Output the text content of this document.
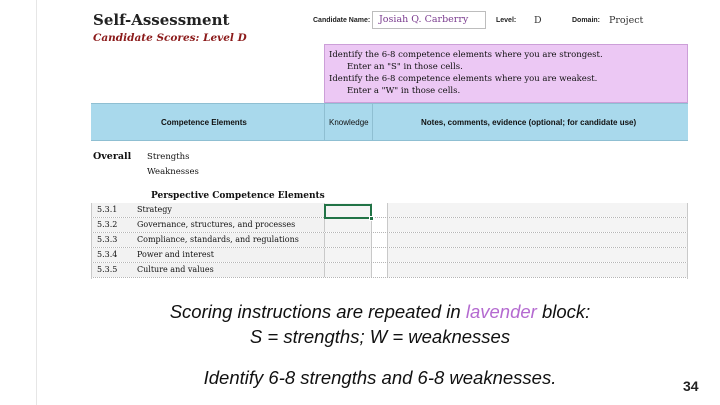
Self-Assessment
Candidate Scores: Level D
Candidate Name: Josiah Q. Carberry	Level: D	Domain: Project
Identify the 6-8 competence elements where you are strongest.
Enter an "S" in those cells.
Identify the 6-8 competence elements where you are weakest.
Enter a "W" in those cells.
Competence Elements	Knowledge	Notes, comments, evidence (optional; for candidate use)
Overall Strengths
Weaknesses
Perspective Competence Elements
5.3.1 Strategy
5.3.2 Governance, structures, and processes
5.3.3 Compliance, standards, and regulations
5.3.4 Power and interest
5.3.5 Culture and values
Scoring instructions are repeated in lavender block:
S = strengths; W = weaknesses
Identify 6-8 strengths and 6-8 weaknesses.	34
